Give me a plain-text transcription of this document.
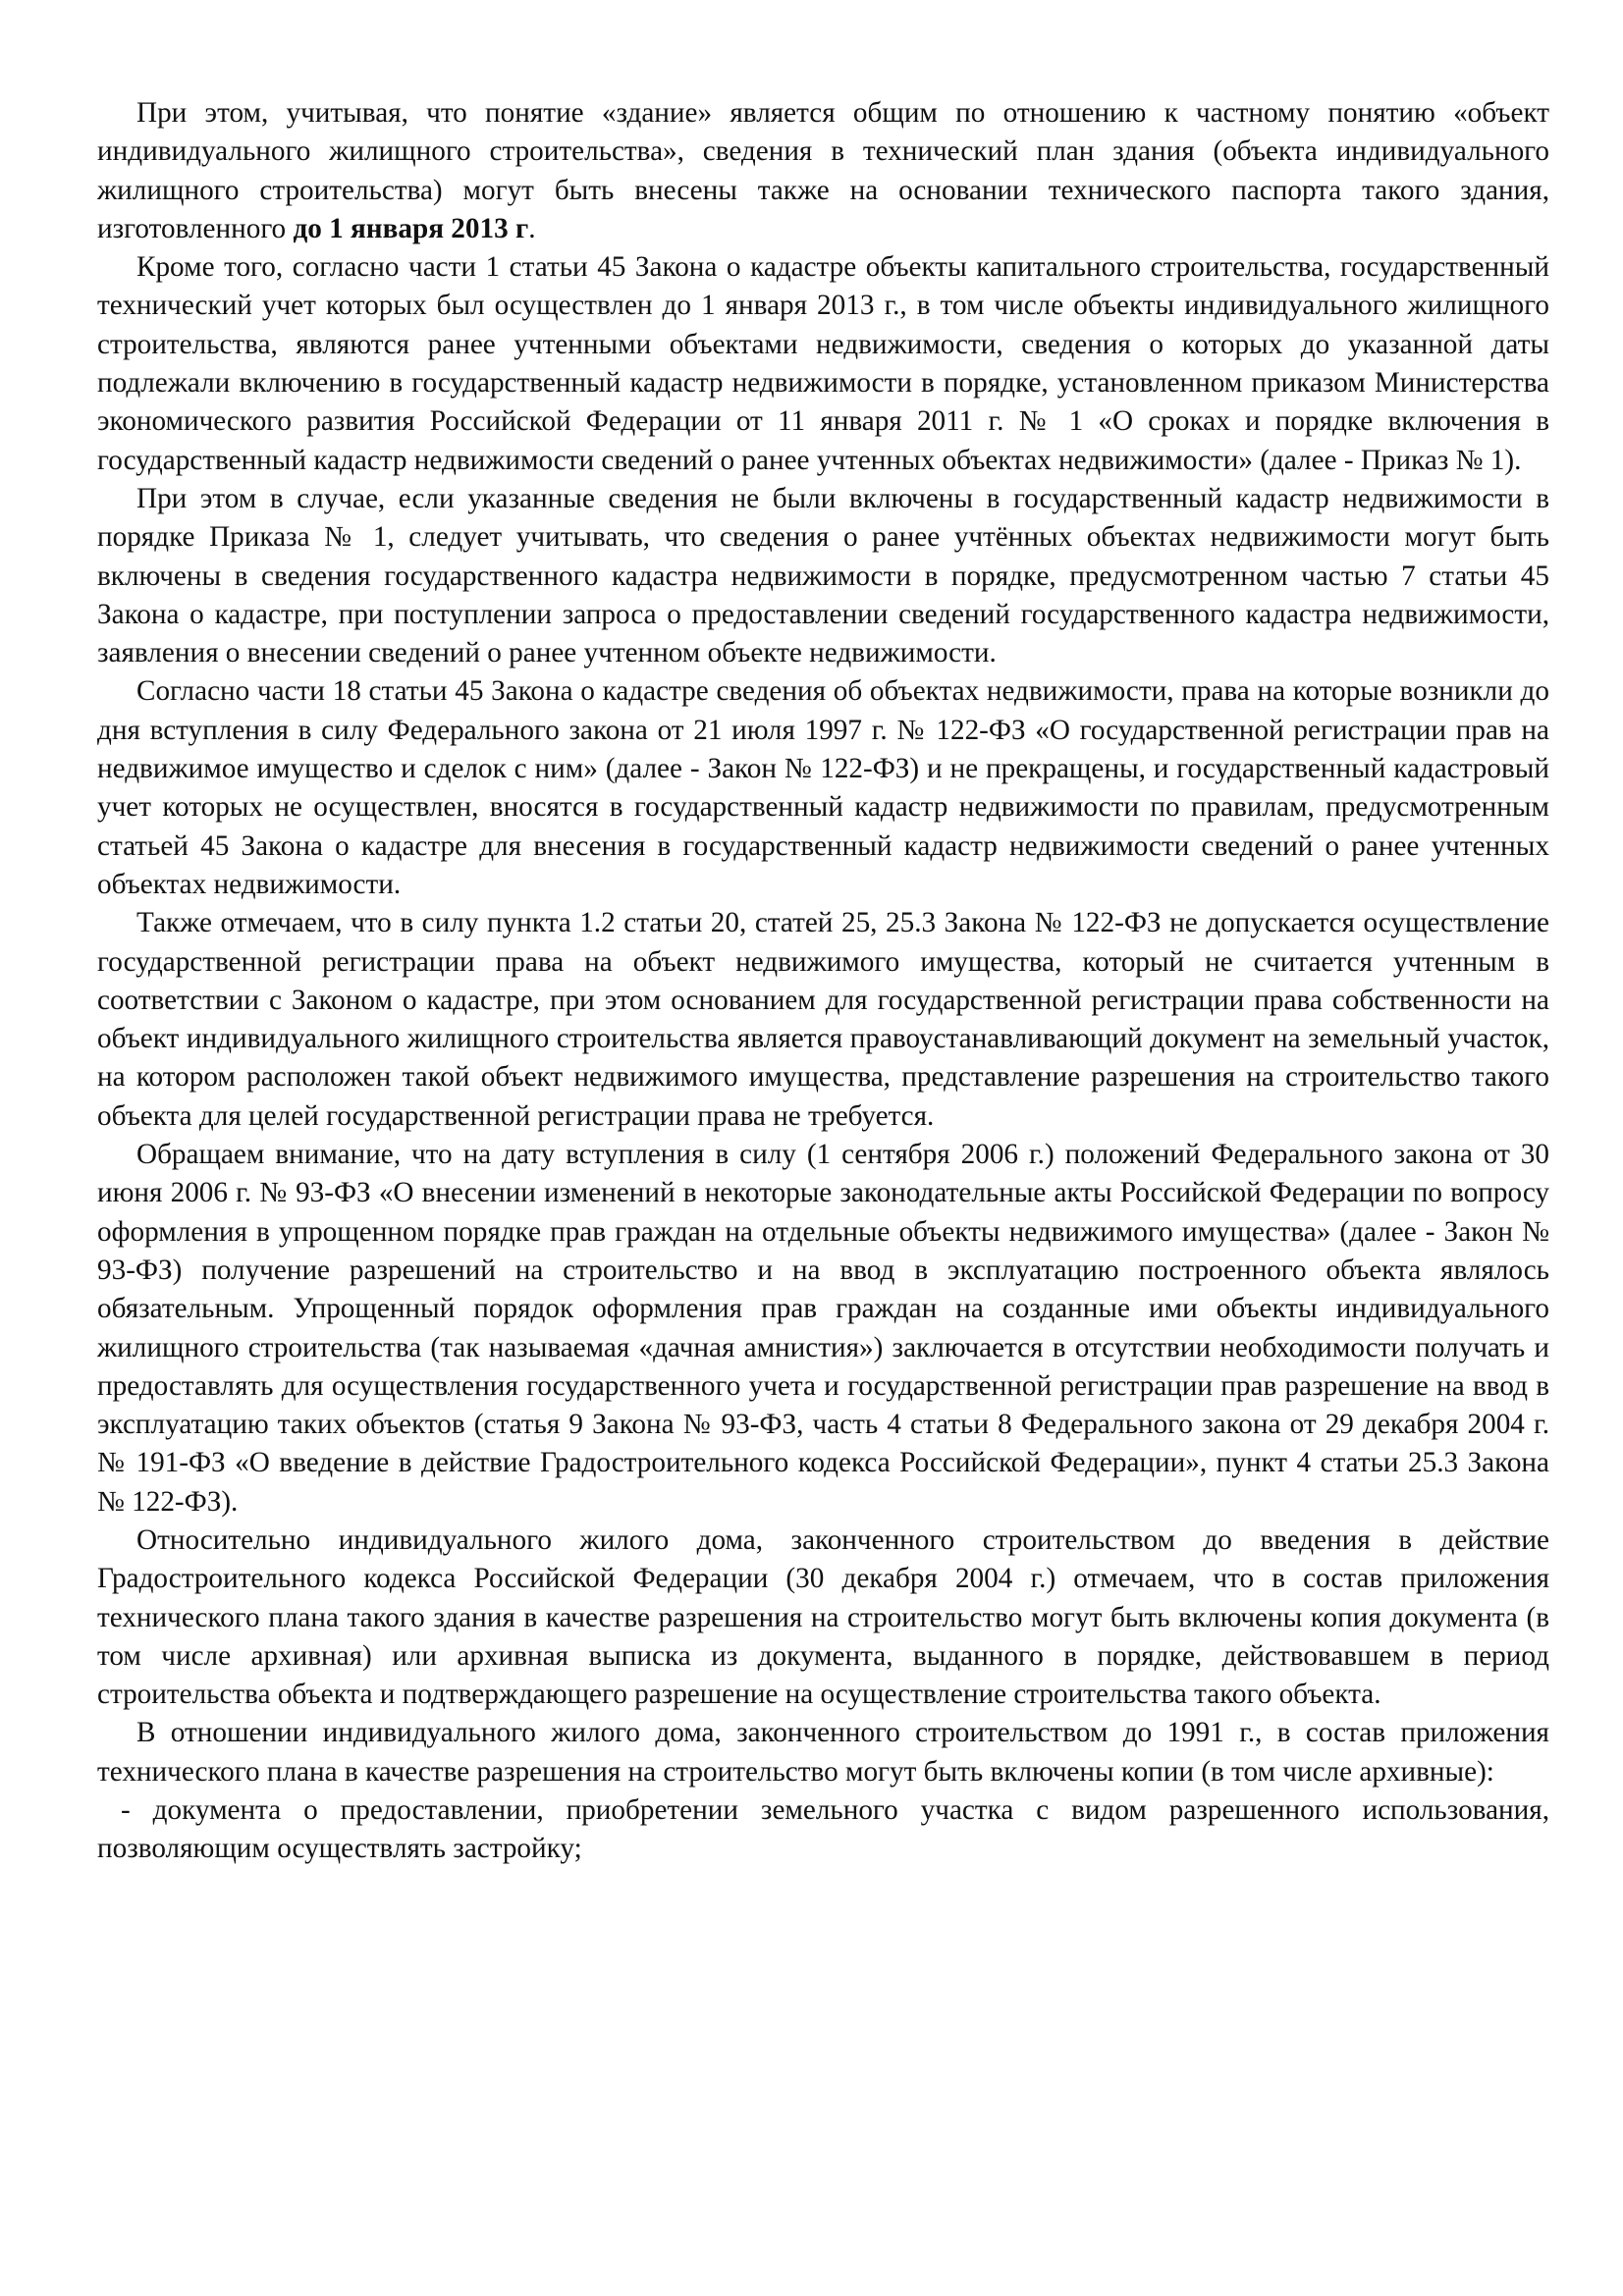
При этом, учитывая, что понятие «здание» является общим по отношению к частному понятию «объект индивидуального жилищного строительства», сведения в технический план здания (объекта индивидуального жилищного строительства) могут быть внесены также на основании технического паспорта такого здания, изготовленного до 1 января 2013 г.

Кроме того, согласно части 1 статьи 45 Закона о кадастре объекты капитального строительства, государственный технический учет которых был осуществлен до 1 января 2013 г., в том числе объекты индивидуального жилищного строительства, являются ранее учтенными объектами недвижимости, сведения о которых до указанной даты подлежали включению в государственный кадастр недвижимости в порядке, установленном приказом Министерства экономического развития Российской Федерации от 11 января 2011 г. № 1 «О сроках и порядке включения в государственный кадастр недвижимости сведений о ранее учтенных объектах недвижимости» (далее - Приказ № 1).

При этом в случае, если указанные сведения не были включены в государственный кадастр недвижимости в порядке Приказа № 1, следует учитывать, что сведения о ранее учтённых объектах недвижимости могут быть включены в сведения государственного кадастра недвижимости в порядке, предусмотренном частью 7 статьи 45 Закона о кадастре, при поступлении запроса о предоставлении сведений государственного кадастра недвижимости, заявления о внесении сведений о ранее учтенном объекте недвижимости.

Согласно части 18 статьи 45 Закона о кадастре сведения об объектах недвижимости, права на которые возникли до дня вступления в силу Федерального закона от 21 июля 1997 г. № 122-ФЗ «О государственной регистрации прав на недвижимое имущество и сделок с ним» (далее - Закон № 122-ФЗ) и не прекращены, и государственный кадастровый учет которых не осуществлен, вносятся в государственный кадастр недвижимости по правилам, предусмотренным статьей 45 Закона о кадастре для внесения в государственный кадастр недвижимости сведений о ранее учтенных объектах недвижимости.

Также отмечаем, что в силу пункта 1.2 статьи 20, статей 25, 25.3 Закона № 122-ФЗ не допускается осуществление государственной регистрации права на объект недвижимого имущества, который не считается учтенным в соответствии с Законом о кадастре, при этом основанием для государственной регистрации права собственности на объект индивидуального жилищного строительства является правоустанавливающий документ на земельный участок, на котором расположен такой объект недвижимого имущества, представление разрешения на строительство такого объекта для целей государственной регистрации права не требуется.

Обращаем внимание, что на дату вступления в силу (1 сентября 2006 г.) положений Федерального закона от 30 июня 2006 г. № 93-ФЗ «О внесении изменений в некоторые законодательные акты Российской Федерации по вопросу оформления в упрощенном порядке прав граждан на отдельные объекты недвижимого имущества» (далее - Закон № 93-ФЗ) получение разрешений на строительство и на ввод в эксплуатацию построенного объекта являлось обязательным. Упрощенный порядок оформления прав граждан на созданные ими объекты индивидуального жилищного строительства (так называемая «дачная амнистия») заключается в отсутствии необходимости получать и предоставлять для осуществления государственного учета и государственной регистрации прав разрешение на ввод в эксплуатацию таких объектов (статья 9 Закона № 93-ФЗ, часть 4 статьи 8 Федерального закона от 29 декабря 2004 г. № 191-ФЗ «О введение в действие Градостроительного кодекса Российской Федерации», пункт 4 статьи 25.3 Закона № 122-ФЗ).

Относительно индивидуального жилого дома, законченного строительством до введения в действие Градостроительного кодекса Российской Федерации (30 декабря 2004 г.) отмечаем, что в состав приложения технического плана такого здания в качестве разрешения на строительство могут быть включены копия документа (в том числе архивная) или архивная выписка из документа, выданного в порядке, действовавшем в период строительства объекта и подтверждающего разрешение на осуществление строительства такого объекта.

В отношении индивидуального жилого дома, законченного строительством до 1991 г., в состав приложения технического плана в качестве разрешения на строительство могут быть включены копии (в том числе архивные):

- документа о предоставлении, приобретении земельного участка с видом разрешенного использования, позволяющим осуществлять застройку;
